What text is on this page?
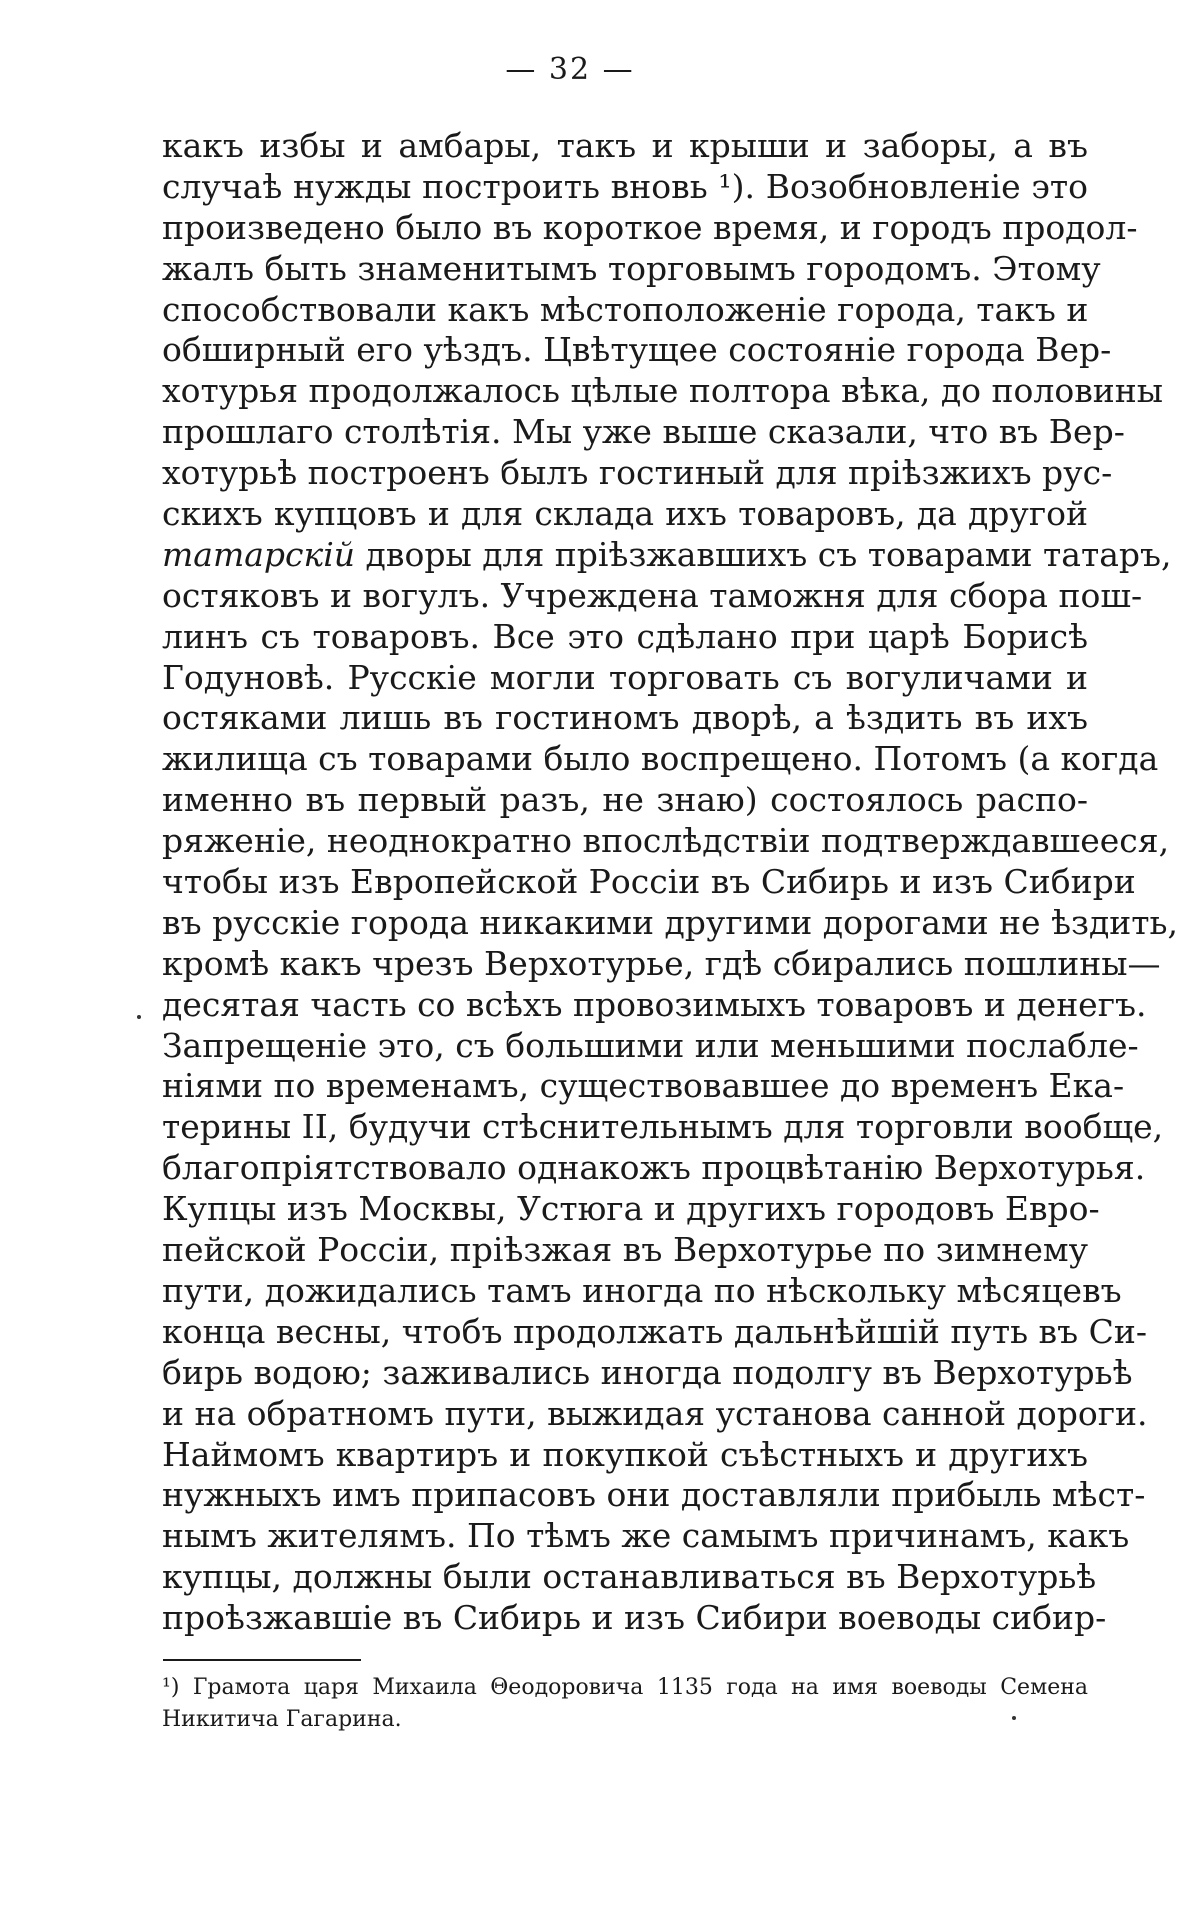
— 32 —
какъ избы и амбары, такъ и крыши и заборы, а въ
случаѣ нужды построить вновь ¹). Возобновленіе это
произведено было въ короткое время, и городъ продол-
жалъ быть знаменитымъ торговымъ городомъ. Этому
способствовали какъ мѣстоположеніе города, такъ и
обширный его уѣздъ. Цвѣтущее состояніе города Вер-
хотурья продолжалось цѣлые полтора вѣка, до половины
прошлаго столѣтія. Мы уже выше сказали, что въ Вер-
хотурьѣ построенъ былъ гостиный для пріѣзжихъ рус-
скихъ купцовъ и для склада ихъ товаровъ, да другой
татарскій дворы для пріѣзжавшихъ съ товарами татаръ,
остяковъ и вогулъ. Учреждена таможня для сбора пош-
линъ съ товаровъ. Все это сдѣлано при царѣ Борисѣ
Годуновѣ. Русскіе могли торговать съ вогуличами и
остяками лишь въ гостиномъ дворѣ, а ѣздить въ ихъ
жилища съ товарами было воспрещено. Потомъ (а когда
именно въ первый разъ, не знаю) состоялось распо-
ряженіе, неоднократно впослѣдствіи подтверждавшееся,
чтобы изъ Европейской Россіи въ Сибирь и изъ Сибири
въ русскіе города никакими другими дорогами не ѣздить,
кромѣ какъ чрезъ Верхотурье, гдѣ сбирались пошлины—
десятая часть со всѣхъ провозимыхъ товаровъ и денегъ.
Запрещеніе это, съ большими или меньшими послабле-
ніями по временамъ, существовавшее до временъ Ека-
терины II, будучи стѣснительнымъ для торговли вообще,
благопріятствовало однакожъ процвѣтанію Верхотурья.
Купцы изъ Москвы, Устюга и другихъ городовъ Евро-
пейской Россіи, пріѣзжая въ Верхотурье по зимнему
пути, дожидались тамъ иногда по нѣскольку мѣсяцевъ
конца весны, чтобъ продолжать дальнѣйшій путь въ Си-
бирь водою; заживались иногда подолгу въ Верхотурьѣ
и на обратномъ пути, выжидая установа санной дороги.
Наймомъ квартиръ и покупкой съѣстныхъ и другихъ
нужныхъ имъ припасовъ они доставляли прибыль мѣст-
нымъ жителямъ. По тѣмъ же самымъ причинамъ, какъ
купцы, должны были останавливаться въ Верхотурьѣ
проѣзжавшіе въ Сибирь и изъ Сибири воеводы сибир-
¹) Грамота царя Михаила Θеодоровича 1135 года на имя воеводы Семена
Никитича Гагарина.
